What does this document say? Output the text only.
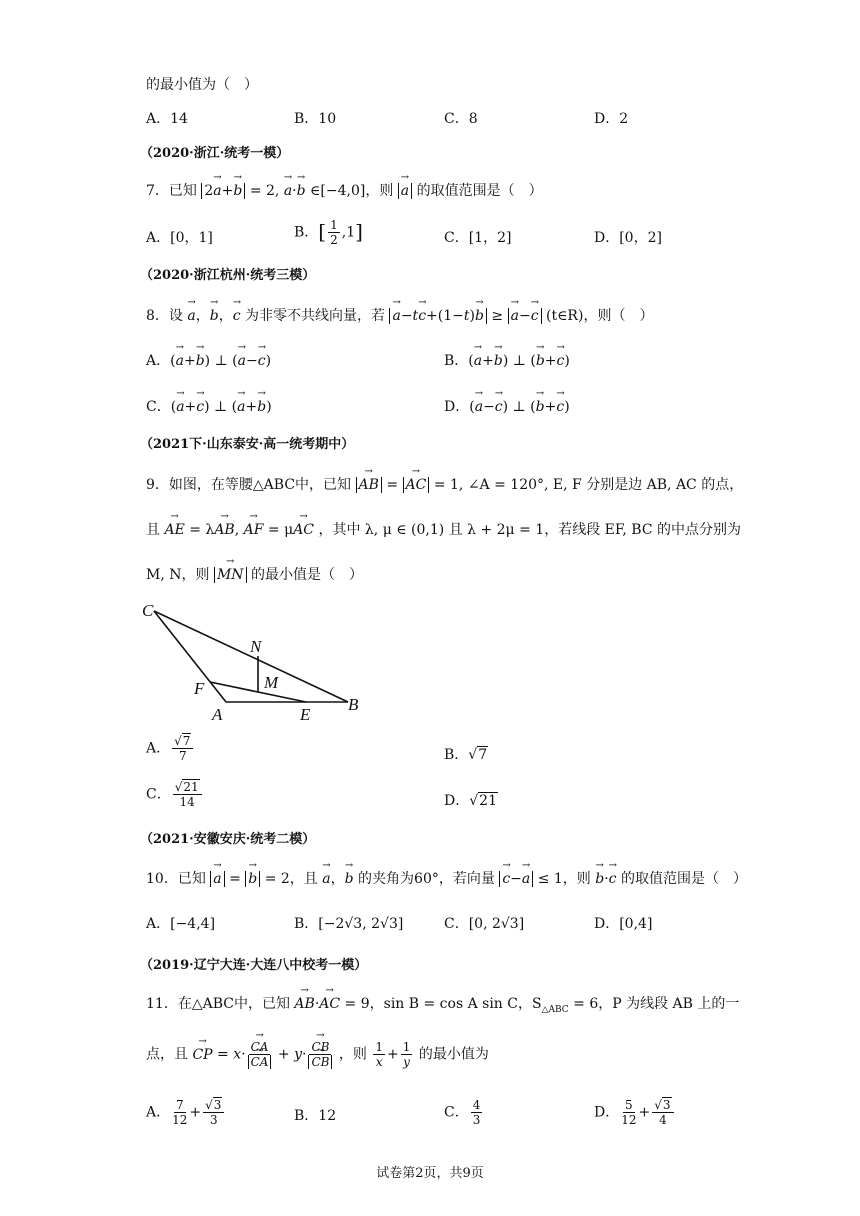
的最小值为（　）
A．14	B．10	C．8	D．2
（2020·浙江·统考一模）
7．已知 2→ a+→ b = 2, → a·→ b ∈[−4,0]，则 → a 的取值范围是（　）
A．[0，1]	B．[ $\frac{1}{2} ,1$]	C．[1，2]	D．[0，2]
（2020·浙江杭州·统考三模）
8．设 → a，→ b，→ c 为非零不共线向量，若 → a−t→ c+(1−t)→ b ≥ → a−→ c (t∈R)，则（　）
A．(→ a+→ b) ⊥ (→ a−→ c)	B．(→ a+→ b) ⊥ (→ b+→ c)
C．(→ a+→ c) ⊥ (→ a+→ b)	D．(→ a−→ c) ⊥ (→ b+→ c)
（2021下·山东泰安·高一统考期中）
9．如图，在等腰△ABC中，已知 → AB = → AC = 1, ∠A = 120°, E, F 分别是边 AB, AC 的点，
且 → AE = λ→ AB, → AF = μ→ AC ，其中 λ, μ ∈ (0,1) 且 λ + 2μ = 1，若线段 EF, BC 的中点分别为
M, N，则 → MN 的最小值是（　）
C
N
M
F
A	E
B
A． $\frac{√7}{7}$	B．√7
C． $\frac{√21}{14}$	D．√21
（2021·安徽安庆·统考二模）
10．已知 → a = → b = 2，且 → a，→ b 的夹角为60°，若向量 → c−→ a ≤ 1，则 → b·→ c 的取值范围是（　）
A．[−4,4]	B．[−2√3, 2√3]	C．[0, 2√3]	D．[0,4]
（2019·辽宁大连·大连八中校考一模）
11．在△ABC中，已知 → AB·→ AC = 9，sin B = cos A sin C，$S_{\triangle ABC} = 6$，P 为线段 AB 上的一
点，且 → CP = x· → CA
→ CA + y· → CB
→ CB ，则 $\frac{1}{x} + \frac{1}{y}$ 的最小值为
A． $\frac{7}{12} + \frac{√3}{3}$	B．12	C． $\frac{4}{3}$	D． $\frac{5}{12} + \frac{√3}{4}$
试卷第2页，共9页
